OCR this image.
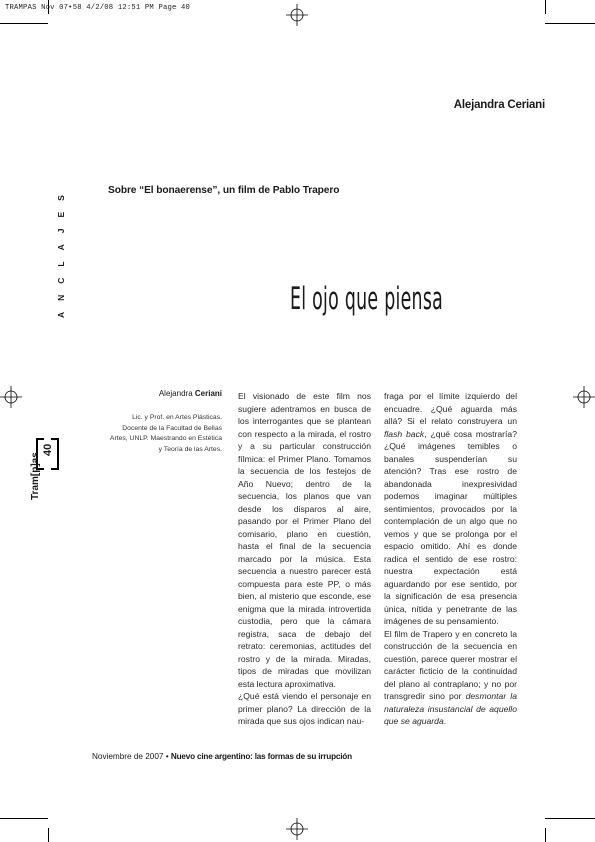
TRAMPAS Nov 07•58 4/2/08 12:51 PM Page 40
Alejandra Ceriani
Sobre “El bonaerense”, un film de Pablo Trapero
El ojo que piensa
ANCLAJES
40
Tram[p]as
Alejandra Ceriani
Lic. y Prof. en Artes Plásticas. Docente de la Facultad de Bellas Artes, UNLP. Maestrando en Estética y Teoría de las Artes.

El visionado de este film nos sugiere adentramos en busca de los interrogantes que se plantean con respecto a la mirada, el rostro y a su particular construcción fílmica: el Primer Plano. Tomamos la secuencia de los festejos de Año Nuevo; dentro de la secuencia, los planos que van desde los disparos al aire, pasando por el Primer Plano del comisario, plano en cuestión, hasta el final de la secuencia marcado por la música. Esta secuencia a nuestro parecer está compuesta para este PP, o más bien, al misterio que esconde, ese enigma que la mirada introvertida custodia, pero que la cámara registra, saca de debajo del retrato: ceremonias, actitudes del rostro y de la mirada. Miradas, tipos de miradas que movilizan esta lectura aproximativa.

¿Qué está viendo el personaje en primer plano? La dirección de la mirada que sus ojos indican nau-

fraga por el límite izquierdo del encuadre. ¿Qué aguarda más allá? Si el relato construyera un flash back, ¿qué cosa mostraría? ¿Qué imágenes temibles o banales suspenderían su atención? Tras ese rostro de abandonada inexpresividad podemos imaginar múltiples sentimientos, provocados por la contemplación de un algo que no vemos y que se prolonga por el espacio omitido. Ahí es donde radica el sentido de ese rostro: nuestra expectación está aguardando por ese sentido, por la significación de esa presencia única, nítida y penetrante de las imágenes de su pensamiento.

El film de Trapero y en concreto la construcción de la secuencia en cuestión, parece querer mostrar el carácter ficticio de la continuidad del plano al contraplano; y no por transgredir sino por desmontar la naturaleza insustancial de aquello que se aguarda.

Noviembre de 2007 • Nuevo cine argentino: las formas de su irrupción
